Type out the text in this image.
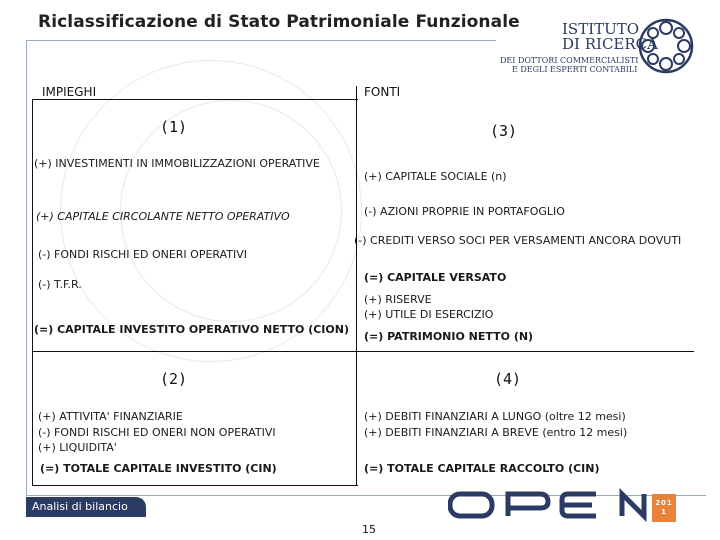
Riclassificazione di Stato Patrimoniale Funzionale	ISTITUTO
DI RICERCA
DEI DOTTORI COMMERCIALISTI
E DEGLI ESPERTI CONTABILI
IMPIEGHI	FONTI
(1)
(+) INVESTIMENTI IN IMMOBILIZZAZIONI OPERATIVE
(+) CAPITALE CIRCOLANTE NETTO OPERATIVO
(-) FONDI RISCHI ED ONERI OPERATIVI
(-) T.F.R.
(=) CAPITALE INVESTITO OPERATIVO NETTO (CION)
(3)
(+) CAPITALE SOCIALE (n)
(-) AZIONI PROPRIE IN PORTAFOGLIO
(-) CREDITI VERSO SOCI PER VERSAMENTI ANCORA DOVUTI
(=) CAPITALE VERSATO
(+) RISERVE
(+) UTILE DI ESERCIZIO
(=) PATRIMONIO NETTO (N)
(2)
(+) ATTIVITA' FINANZIARIE
(-) FONDI RISCHI ED ONERI NON OPERATIVI
(+) LIQUIDITA'
(=) TOTALE CAPITALE INVESTITO (CIN)
(4)
(+) DEBITI FINANZIARI A LUNGO (oltre 12 mesi)
(+) DEBITI FINANZIARI A BREVE (entro 12 mesi)
(=) TOTALE CAPITALE RACCOLTO (CIN)
Analisi di bilancio
15
201
1
